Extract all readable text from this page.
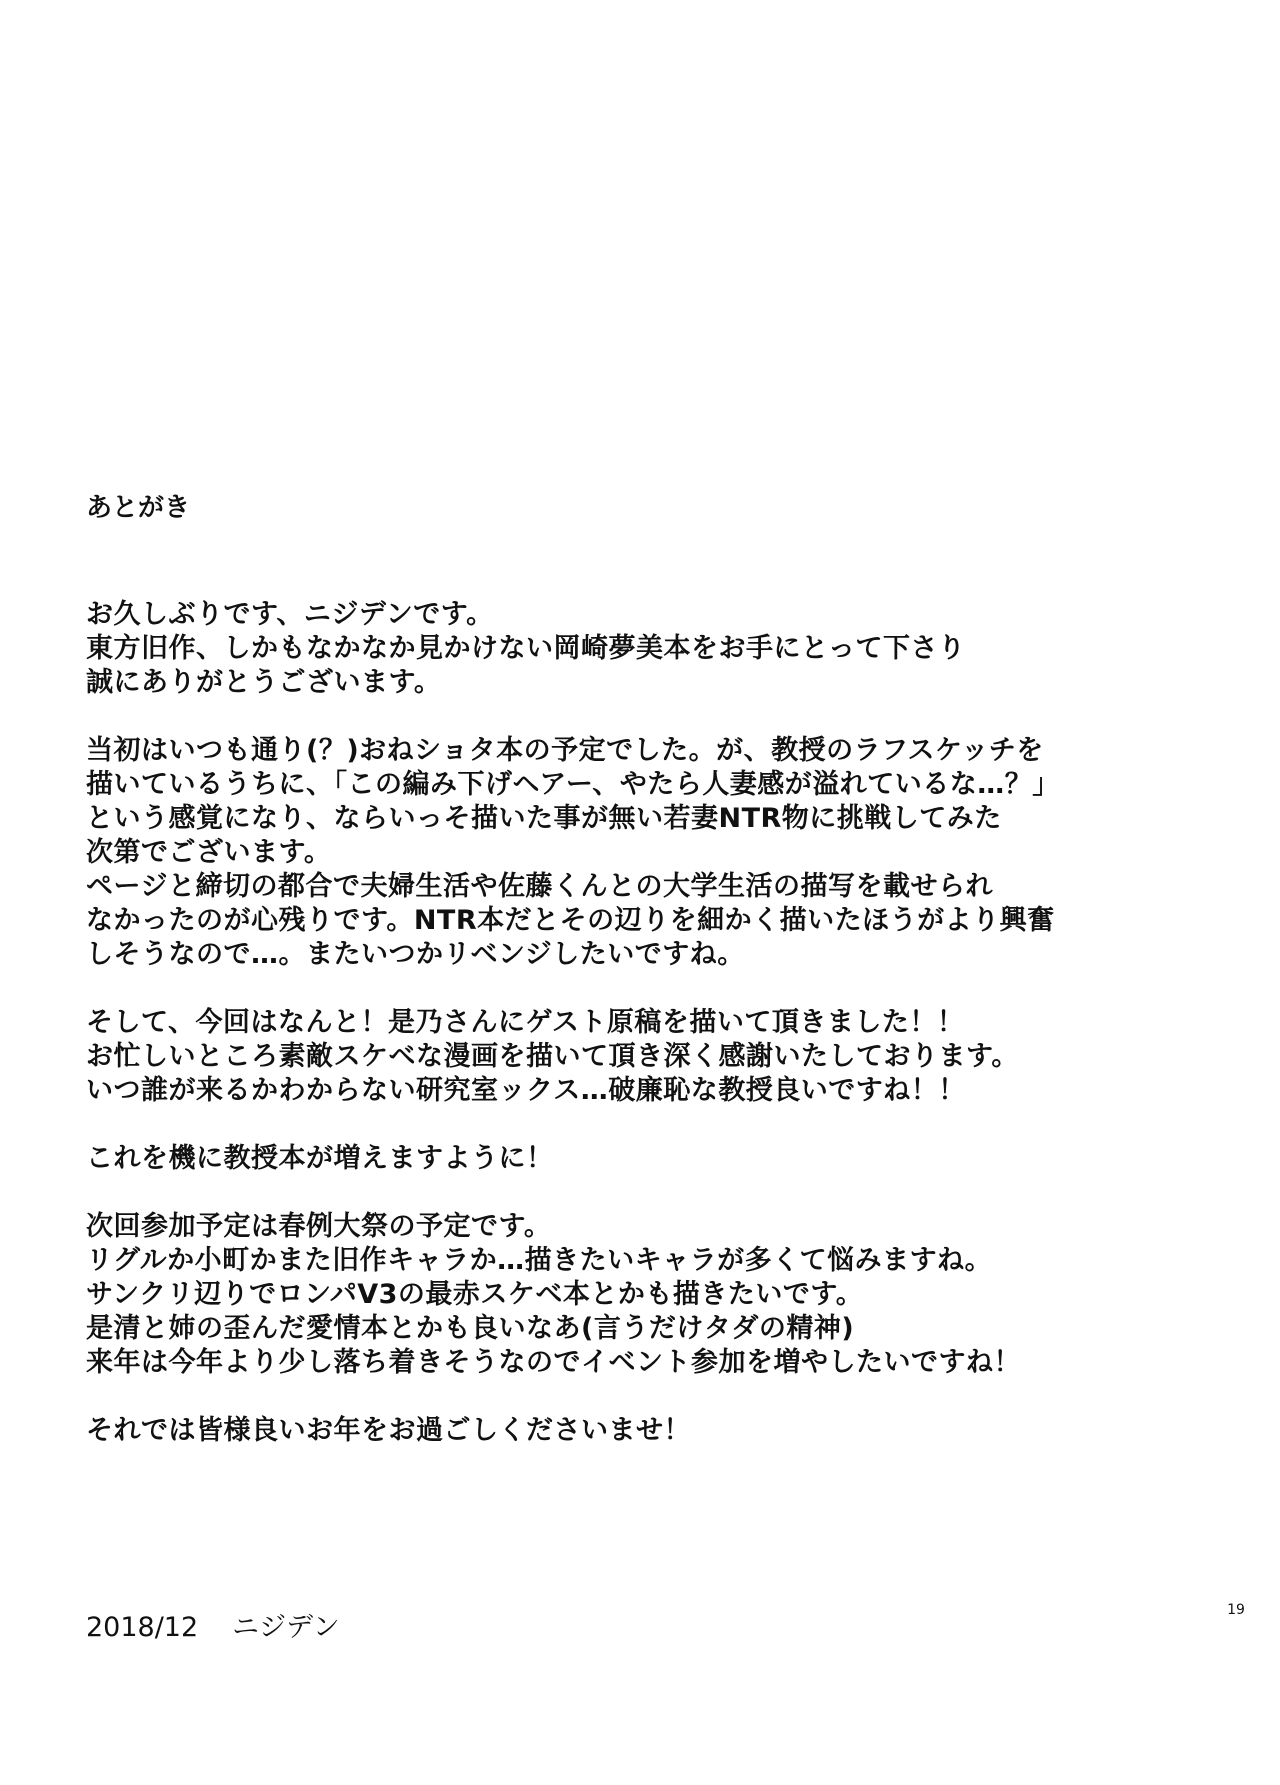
あとがき
お久しぶりです、ニジデンです。
東方旧作、しかもなかなか見かけない岡崎夢美本をお手にとって下さり
誠にありがとうございます。
当初はいつも通り(？)おねショタ本の予定でした。が、教授のラフスケッチを
描いているうちに、「この編み下げヘアー、やたら人妻感が溢れているな…？」
という感覚になり、ならいっそ描いた事が無い若妻NTR物に挑戦してみた
次第でございます。
ページと締切の都合で夫婦生活や佐藤くんとの大学生活の描写を載せられ
なかったのが心残りです。NTR本だとその辺りを細かく描いたほうがより興奮
しそうなので…。またいつかリベンジしたいですね。
そして、今回はなんと！是乃さんにゲスト原稿を描いて頂きました！！
お忙しいところ素敵スケベな漫画を描いて頂き深く感謝いたしております。
いつ誰が来るかわからない研究室ックス…破廉恥な教授良いですね！！
これを機に教授本が増えますように！
次回参加予定は春例大祭の予定です。
リグルか小町かまた旧作キャラか…描きたいキャラが多くて悩みますね。
サンクリ辺りでロンパV3の最赤スケベ本とかも描きたいです。
是清と姉の歪んだ愛情本とかも良いなあ(言うだけタダの精神)
来年は今年より少し落ち着きそうなのでイベント参加を増やしたいですね！
それでは皆様良いお年をお過ごしくださいませ！
2018/12 ニジデン
19
